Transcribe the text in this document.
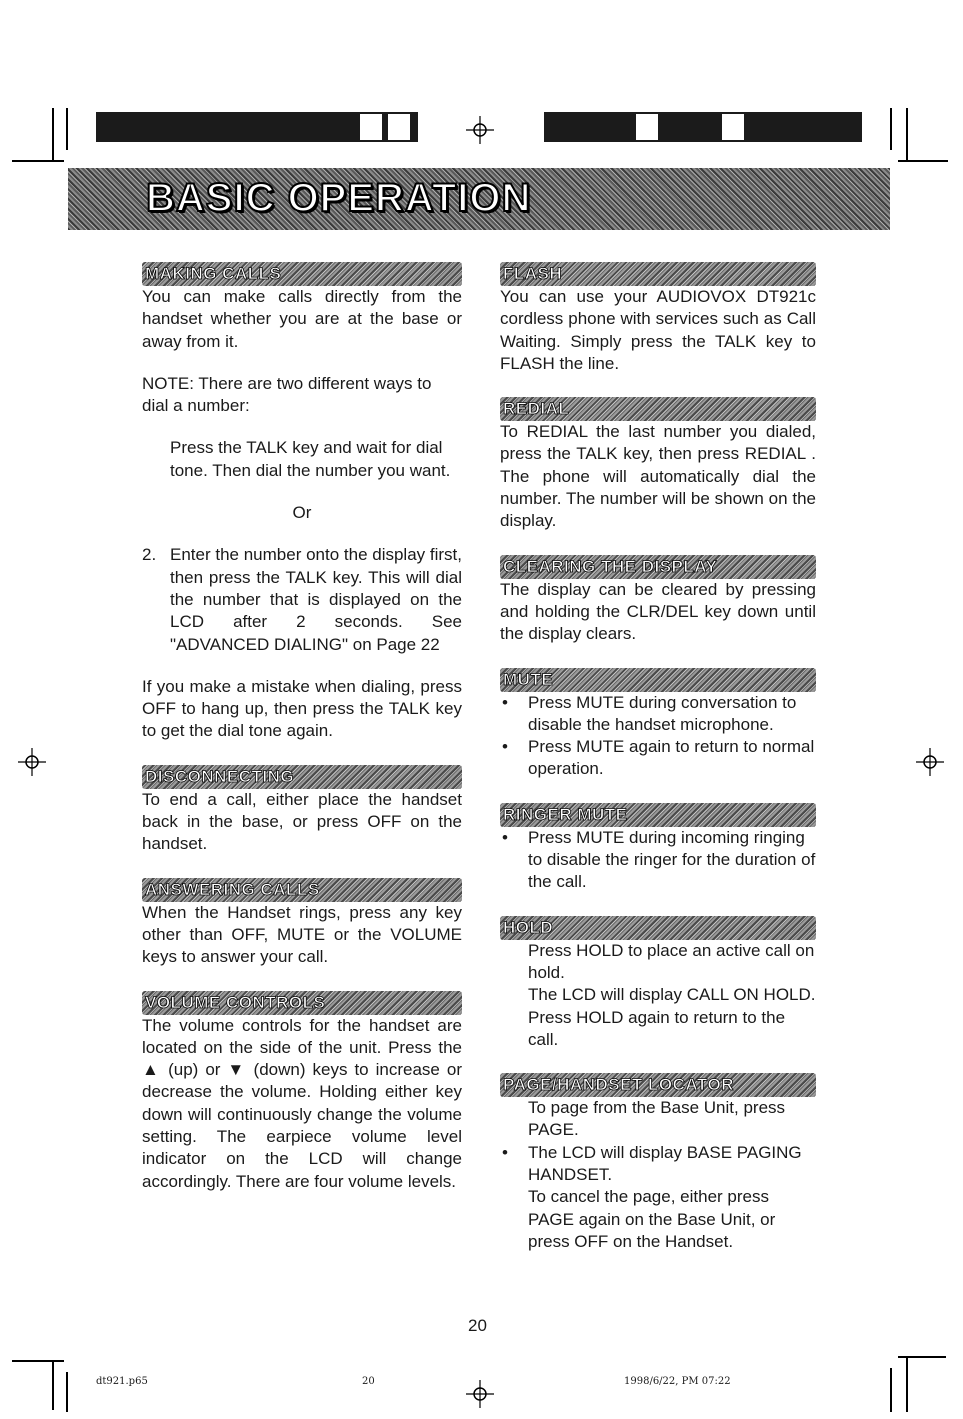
BASIC OPERATION
MAKING CALLS

You can make calls directly from the handset whether you are at the base or away from it.

NOTE: There are two different ways to dial a number:

Press the TALK key and wait for dial tone. Then dial the number you want.

Or

2. Enter the number onto the display first, then press the TALK key. This will dial the number that is displayed on the LCD after 2 seconds. See "ADVANCED DIALING" on Page 22

If you make a mistake when dialing, press OFF to hang up, then press the TALK key to get the dial tone again.

DISCONNECTING

To end a call, either place the handset back in the base, or press OFF on the handset.

ANSWERING CALLS

When the Handset rings, press any key other than OFF, MUTE or the VOLUME keys to answer your call.

VOLUME CONTROLS

The volume controls for the handset are located on the side of the unit. Press the ▲ (up) or ▼ (down) keys to increase or decrease the volume. Holding either key down will continuously change the volume setting. The earpiece volume level indicator on the LCD will change accordingly. There are four volume levels.

FLASH

You can use your AUDIOVOX DT921c cordless phone with services such as Call Waiting. Simply press the TALK key to FLASH the line.

REDIAL

To REDIAL the last number you dialed, press the TALK key, then press REDIAL . The phone will automatically dial the number. The number will be shown on the display.

CLEARING THE DISPLAY

The display can be cleared by pressing and holding the CLR/DEL key down until the display clears.

MUTE
•	Press MUTE during conversation to disable the handset microphone.
•	Press MUTE again to return to normal operation.
RINGER MUTE
•	Press MUTE during incoming ringing to disable the ringer for the duration of the call.
HOLD

Press HOLD to place an active call on hold.

The LCD will display CALL ON HOLD.

Press HOLD again to return to the call.

PAGE/HANDSET LOCATOR

To page from the Base Unit, press PAGE.

•	The LCD will display BASE PAGING HANDSET.

To cancel the page, either press PAGE again on the Base Unit, or press OFF on the Handset.

20
dt921.p65	20	1998/6/22, PM 07:22
